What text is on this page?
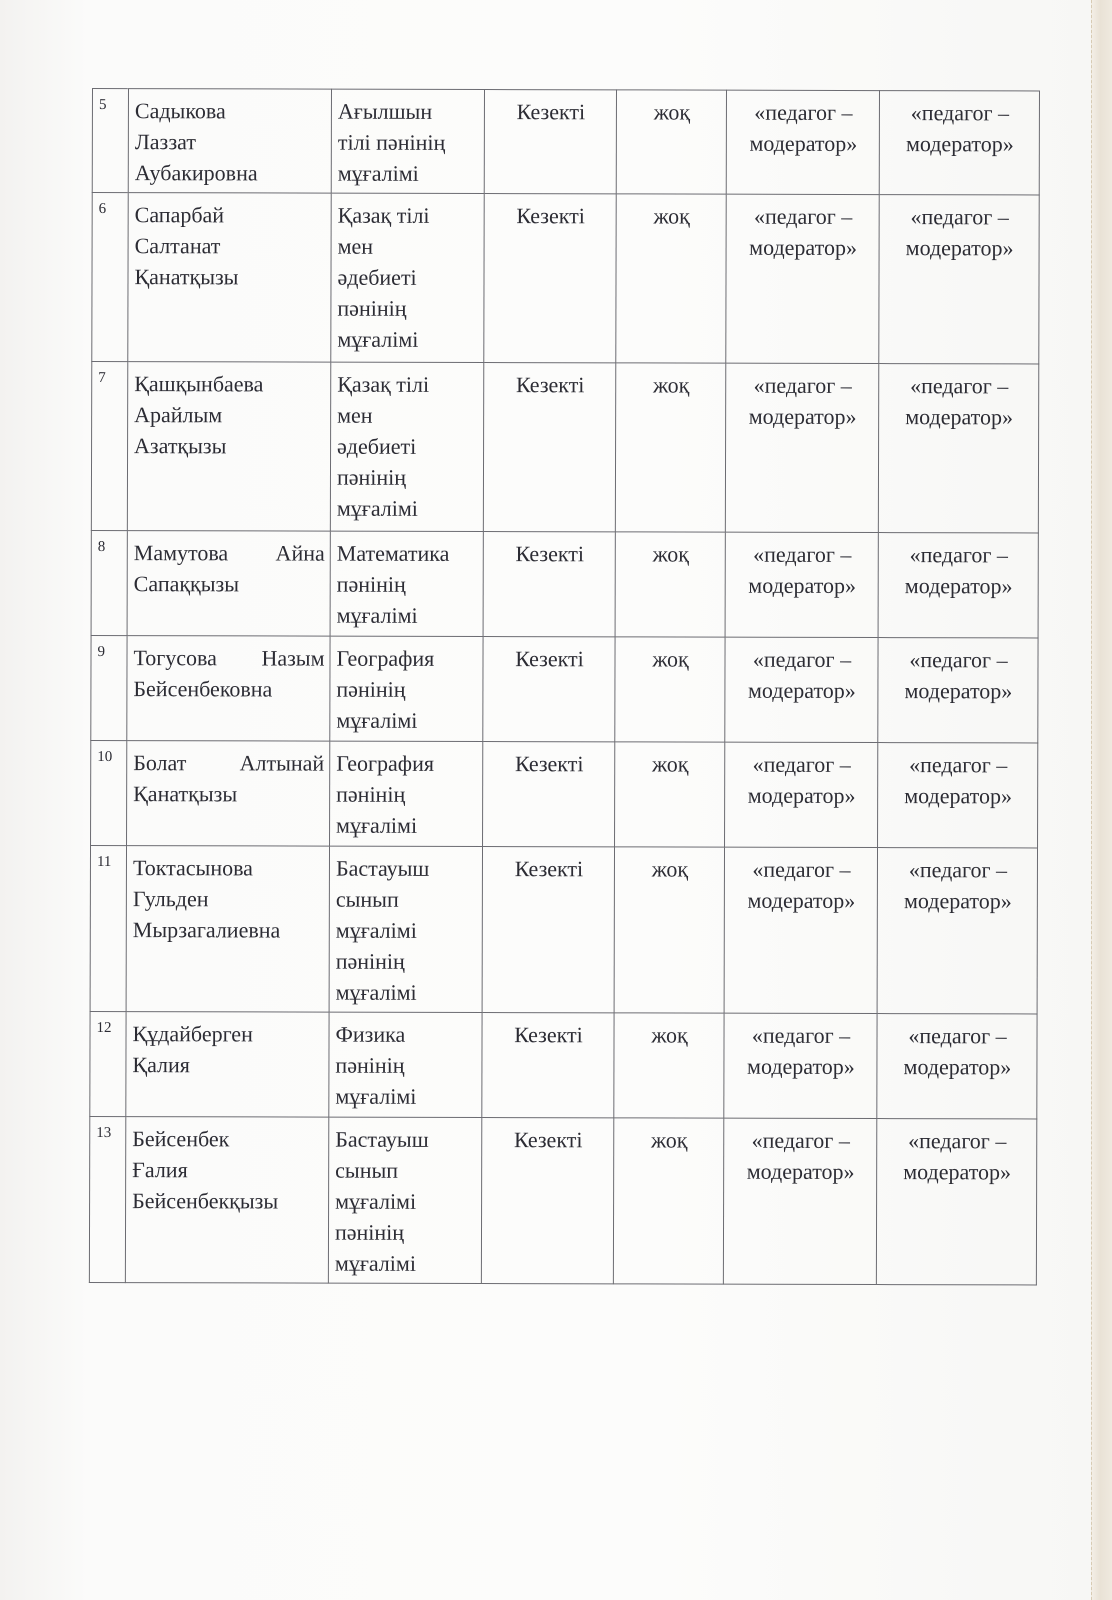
5	Садыкова
Лаззат
Аубакировна	Ағылшын
тілі пәнінің
мұғалімі	Кезекті	жоқ	«педагог –
модератор»	«педагог –
модератор»

6	Сапарбай
Салтанат
Қанатқызы	Қазақ тілі
мен
әдебиеті
пәнінің
мұғалімі	Кезекті	жоқ	«педагог –
модератор»	«педагог –
модератор»

7	Қашқынбаева
Арайлым
Азатқызы	Қазақ тілі
мен
әдебиеті
пәнінің
мұғалімі	Кезекті	жоқ	«педагог –
модератор»	«педагог –
модератор»

8	Мамутова Айна
Сапаққызы	Математика
пәнінің
мұғалімі	Кезекті	жоқ	«педагог –
модератор»	«педагог –
модератор»

9	Тогусова Назым
Бейсенбековна	География
пәнінің
мұғалімі	Кезекті	жоқ	«педагог –
модератор»	«педагог –
модератор»

10	Болат Алтынай
Қанатқызы	География
пәнінің
мұғалімі	Кезекті	жоқ	«педагог –
модератор»	«педагог –
модератор»

11	Токтасынова
Гульден
Мырзагалиевна	Бастауыш
сынып
мұғалімі
пәнінің
мұғалімі	Кезекті	жоқ	«педагог –
модератор»	«педагог –
модератор»

12	Құдайберген
Қалия	Физика
пәнінің
мұғалімі	Кезекті	жоқ	«педагог –
модератор»	«педагог –
модератор»

13	Бейсенбек
Ғалия
Бейсенбекқызы	Бастауыш
сынып
мұғалімі
пәнінің
мұғалімі	Кезекті	жоқ	«педагог –
модератор»	«педагог –
модератор»
